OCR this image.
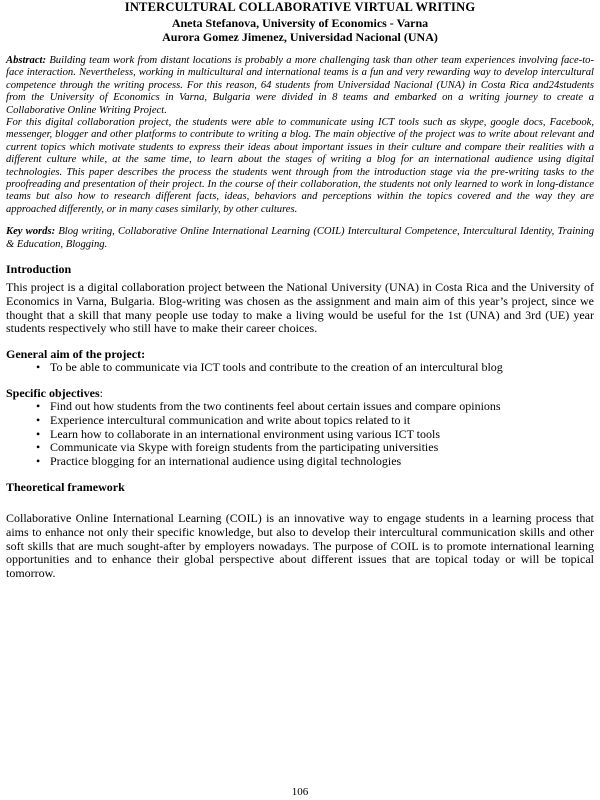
INTERCULTURAL COLLABORATIVE VIRTUAL WRITING
Aneta Stefanova, University of Economics - Varna
Aurora Gomez Jimenez, Universidad Nacional (UNA)

Abstract: Building team work from distant locations is probably a more challenging task than other team experiences involving face-to-face interaction. Nevertheless, working in multicultural and international teams is a fun and very rewarding way to develop intercultural competence through the writing process. For this reason, 64 students from Universidad Nacional (UNA) in Costa Rica and24students from the University of Economics in Varna, Bulgaria were divided in 8 teams and embarked on a writing journey to create a Collaborative Online Writing Project.

For this digital collaboration project, the students were able to communicate using ICT tools such as skype, google docs, Facebook, messenger, blogger and other platforms to contribute to writing a blog. The main objective of the project was to write about relevant and current topics which motivate students to express their ideas about important issues in their culture and compare their realities with a different culture while, at the same time, to learn about the stages of writing a blog for an international audience using digital technologies. This paper describes the process the students went through from the introduction stage via the pre-writing tasks to the proofreading and presentation of their project. In the course of their collaboration, the students not only learned to work in long-distance teams but also how to research different facts, ideas, behaviors and perceptions within the topics covered and the way they are approached differently, or in many cases similarly, by other cultures.

Key words: Blog writing, Collaborative Online International Learning (COIL) Intercultural Competence, Intercultural Identity, Training & Education, Blogging.

Introduction

This project is a digital collaboration project between the National University (UNA) in Costa Rica and the University of Economics in Varna, Bulgaria. Blog-writing was chosen as the assignment and main aim of this year’s project, since we thought that a skill that many people use today to make a living would be useful for the 1st (UNA) and 3rd (UE) year students respectively who still have to make their career choices.

General aim of the project:
• To be able to communicate via ICT tools and contribute to the creation of an intercultural blog
Specific objectives:
• Find out how students from the two continents feel about certain issues and compare opinions
• Experience intercultural communication and write about topics related to it
• Learn how to collaborate in an international environment using various ICT tools
• Communicate via Skype with foreign students from the participating universities
• Practice blogging for an international audience using digital technologies
Theoretical framework

Collaborative Online International Learning (COIL) is an innovative way to engage students in a learning process that aims to enhance not only their specific knowledge, but also to develop their intercultural communication skills and other soft skills that are much sought-after by employers nowadays. The purpose of COIL is to promote international learning opportunities and to enhance their global perspective about different issues that are topical today or will be topical tomorrow.

106
